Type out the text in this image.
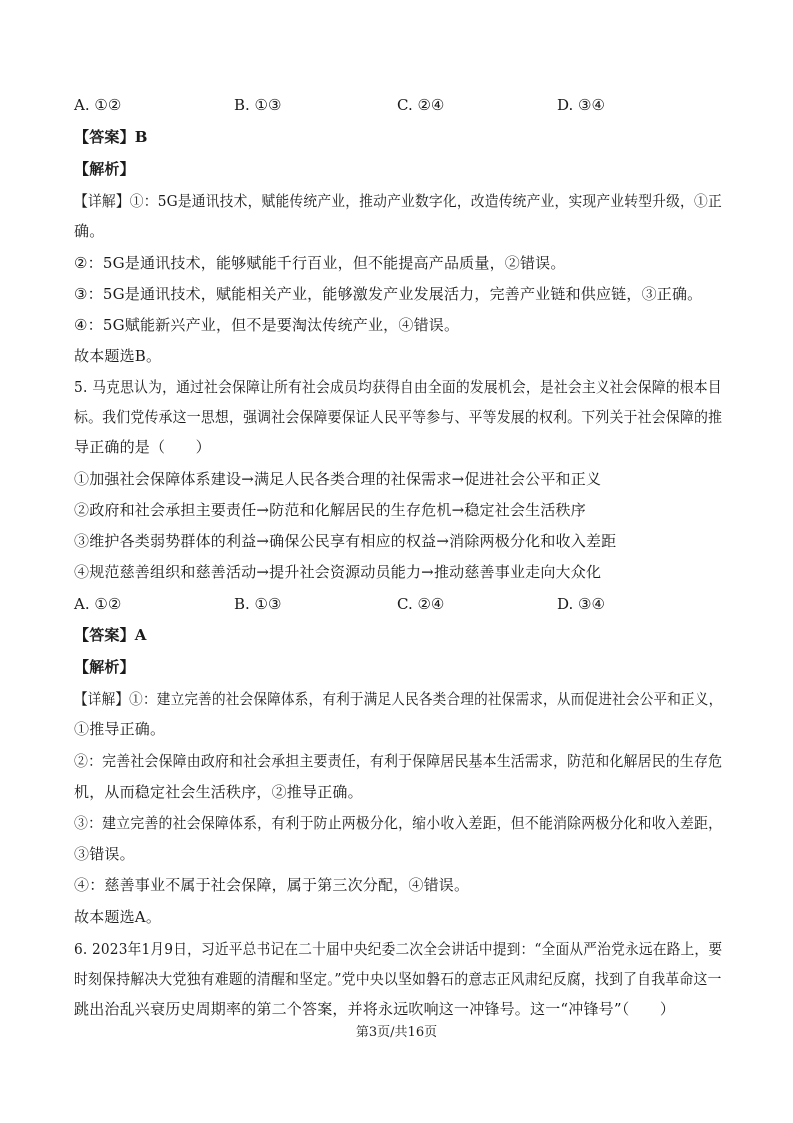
A. ①②	B. ①③	C. ②④	D. ③④
【答案】B
【解析】
【详解】①：5G是通讯技术，赋能传统产业，推动产业数字化，改造传统产业，实现产业转型升级，①正
确。
②：5G是通讯技术，能够赋能千行百业，但不能提高产品质量，②错误。
③：5G是通讯技术，赋能相关产业，能够激发产业发展活力，完善产业链和供应链，③正确。
④：5G赋能新兴产业，但不是要淘汰传统产业，④错误。
故本题选B。
5. 马克思认为，通过社会保障让所有社会成员均获得自由全面的发展机会，是社会主义社会保障的根本目
标。我们党传承这一思想，强调社会保障要保证人民平等参与、平等发展的权利。下列关于社会保障的推
导正确的是（　　）
①加强社会保障体系建设→满足人民各类合理的社保需求→促进社会公平和正义
②政府和社会承担主要责任→防范和化解居民的生存危机→稳定社会生活秩序
③维护各类弱势群体的利益→确保公民享有相应的权益→消除两极分化和收入差距
④规范慈善组织和慈善活动→提升社会资源动员能力→推动慈善事业走向大众化
A. ①②	B. ①③	C. ②④	D. ③④
【答案】A
【解析】
【详解】①：建立完善的社会保障体系，有利于满足人民各类合理的社保需求，从而促进社会公平和正义，
①推导正确。
②：完善社会保障由政府和社会承担主要责任，有利于保障居民基本生活需求，防范和化解居民的生存危
机，从而稳定社会生活秩序，②推导正确。
③：建立完善的社会保障体系，有利于防止两极分化，缩小收入差距，但不能消除两极分化和收入差距，
③错误。
④：慈善事业不属于社会保障，属于第三次分配，④错误。
故本题选A。
6. 2023年1月9日，习近平总书记在二十届中央纪委二次全会讲话中提到：“全面从严治党永远在路上，要
时刻保持解决大党独有难题的清醒和坚定。”党中央以坚如磐石的意志正风肃纪反腐，找到了自我革命这一
跳出治乱兴衰历史周期率的第二个答案，并将永远吹响这一冲锋号。这一“冲锋号”（　　）
第3页/共16页
